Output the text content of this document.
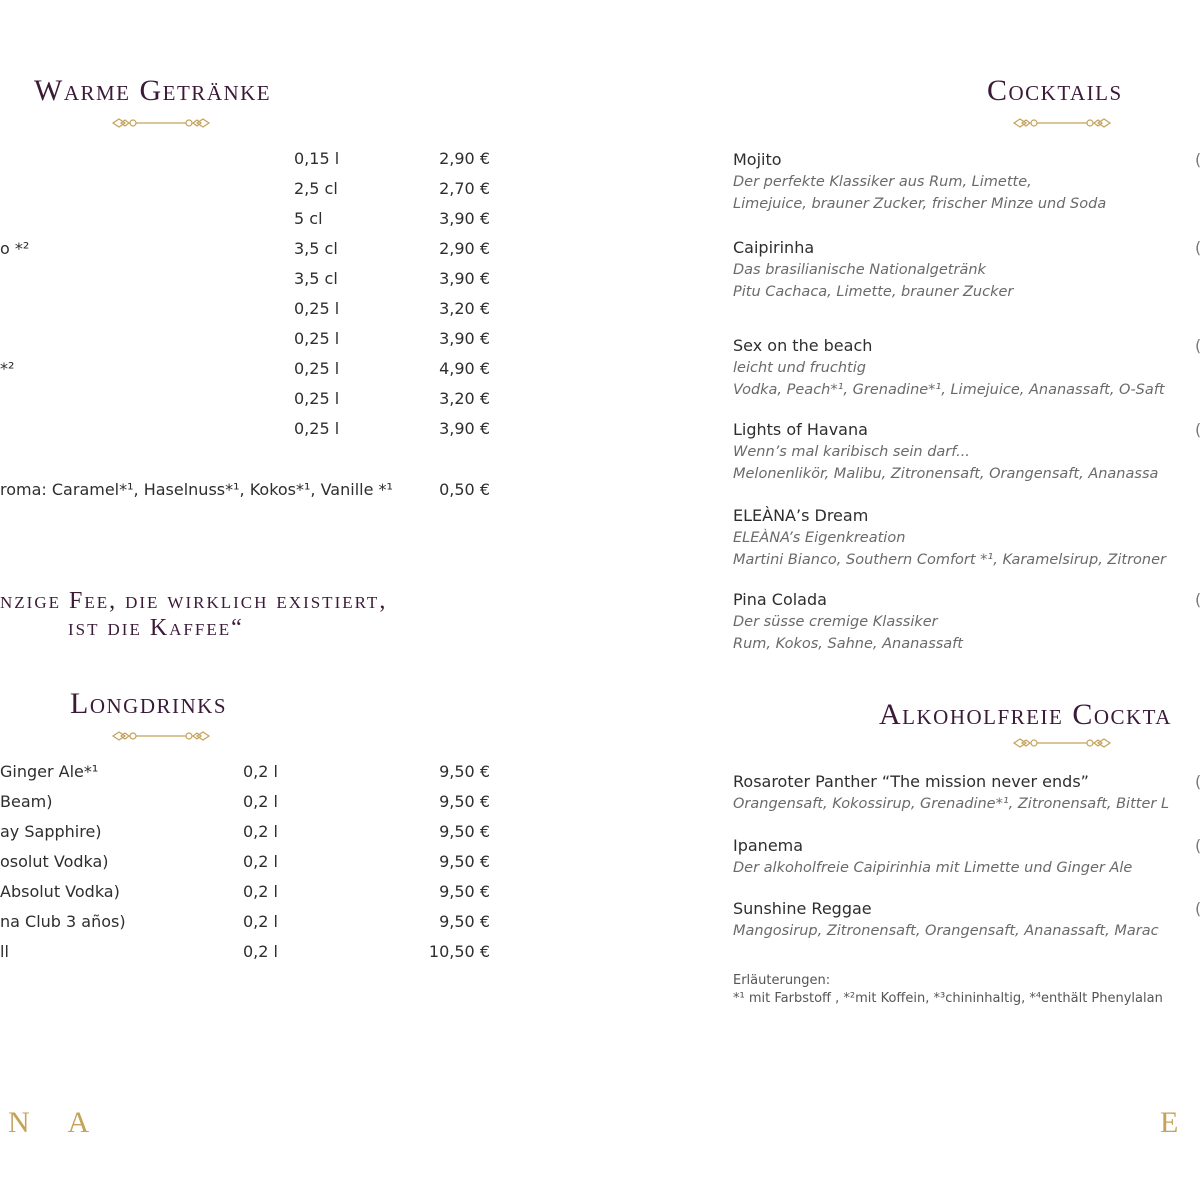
Warme Getränke
0,15 l	2,90 €
2,5 cl	2,70 €
5 cl	3,90 €
o *²	3,5 cl	2,90 €
3,5 cl	3,90 €
0,25 l	3,20 €
0,25 l	3,90 €
*²	0,25 l	4,90 €
0,25 l	3,20 €
0,25 l	3,90 €
roma: Caramel*¹, Haselnuss*¹, Kokos*¹, Vanille *¹	0,50 €
nzige Fee, die wirklich existiert,
ist die Kaffee“
Longdrinks
Ginger Ale*¹	0,2 l	9,50 €
Beam)	0,2 l	9,50 €
ay Sapphire)	0,2 l	9,50 €
osolut Vodka)	0,2 l	9,50 €
Absolut Vodka)	0,2 l	9,50 €
na Club 3 años)	0,2 l	9,50 €
ll	0,2 l	10,50 €
N A
Cocktails
Mojito
Der perfekte Klassiker aus Rum, Limette,
Limejuice, brauner Zucker, frischer Minze und Soda
(
Caipirinha
Das brasilianische Nationalgetränk
Pitu Cachaca, Limette, brauner Zucker
(
Sex on the beach
leicht und fruchtig
Vodka, Peach*¹, Grenadine*¹, Limejuice, Ananassaft, O-Saft
(
Lights of Havana
Wenn’s mal karibisch sein darf...
Melonenlikör, Malibu, Zitronensaft, Orangensaft, Ananassa
(
ELEÀNA’s Dream
ELEÀNA’s Eigenkreation
Martini Bianco, Southern Comfort *¹, Karamelsirup, Zitroner
Pina Colada
Der süsse cremige Klassiker
Rum, Kokos, Sahne, Ananassaft
(
Alkoholfreie Cockta
Rosaroter Panther “The mission never ends”
Orangensaft, Kokossirup, Grenadine*¹, Zitronensaft, Bitter L
(
Ipanema
Der alkoholfreie Caipirinhia mit Limette und Ginger Ale
(
Sunshine Reggae
Mangosirup, Zitronensaft, Orangensaft, Ananassaft, Marac
(
Erläuterungen:
*¹ mit Farbstoff , *²mit Koffein, *³chininhaltig, *⁴enthält Phenylalan
E
